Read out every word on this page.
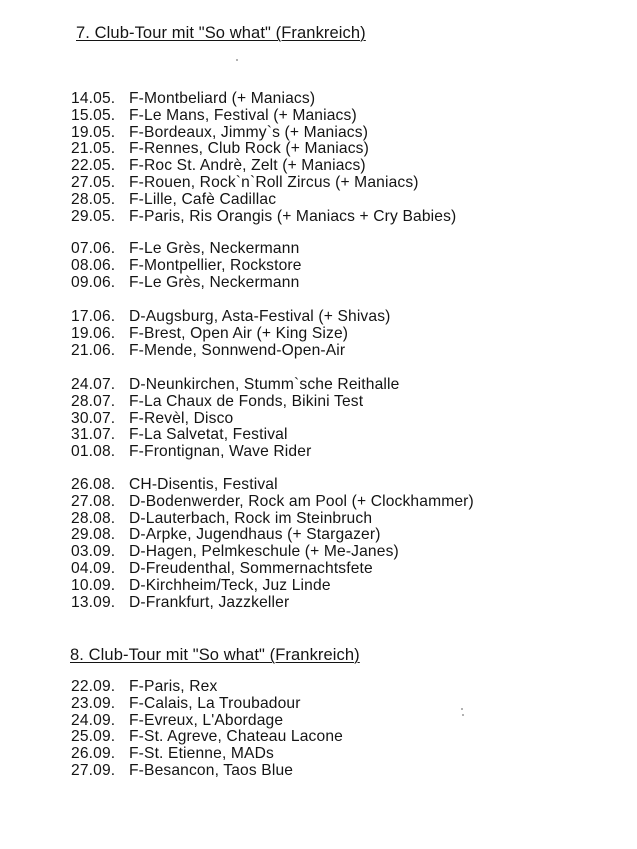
7. Club-Tour mit "So what" (Frankreich)
14.05. F-Montbeliard (+ Maniacs)
15.05. F-Le Mans, Festival (+ Maniacs)
19.05. F-Bordeaux, Jimmy`s (+ Maniacs)
21.05. F-Rennes, Club Rock (+ Maniacs)
22.05. F-Roc St. Andrè, Zelt (+ Maniacs)
27.05. F-Rouen, Rock`n`Roll Zircus (+ Maniacs)
28.05. F-Lille, Cafè Cadillac
29.05. F-Paris, Ris Orangis (+ Maniacs + Cry Babies)
07.06. F-Le Grès, Neckermann
08.06. F-Montpellier, Rockstore
09.06. F-Le Grès, Neckermann
17.06. D-Augsburg, Asta-Festival (+ Shivas)
19.06. F-Brest, Open Air (+ King Size)
21.06. F-Mende, Sonnwend-Open-Air
24.07. D-Neunkirchen, Stumm`sche Reithalle
28.07. F-La Chaux de Fonds, Bikini Test
30.07. F-Revèl, Disco
31.07. F-La Salvetat, Festival
01.08. F-Frontignan, Wave Rider
26.08. CH-Disentis, Festival
27.08. D-Bodenwerder, Rock am Pool (+ Clockhammer)
28.08. D-Lauterbach, Rock im Steinbruch
29.08. D-Arpke, Jugendhaus (+ Stargazer)
03.09. D-Hagen, Pelmkeschule (+ Me-Janes)
04.09. D-Freudenthal, Sommernachtsfete
10.09. D-Kirchheim/Teck, Juz Linde
13.09. D-Frankfurt, Jazzkeller
8. Club-Tour mit "So what" (Frankreich)
22.09. F-Paris, Rex
23.09. F-Calais, La Troubadour
24.09. F-Evreux, L'Abordage
25.09. F-St. Agreve, Chateau Lacone
26.09. F-St. Etienne, MADs
27.09. F-Besancon, Taos Blue
